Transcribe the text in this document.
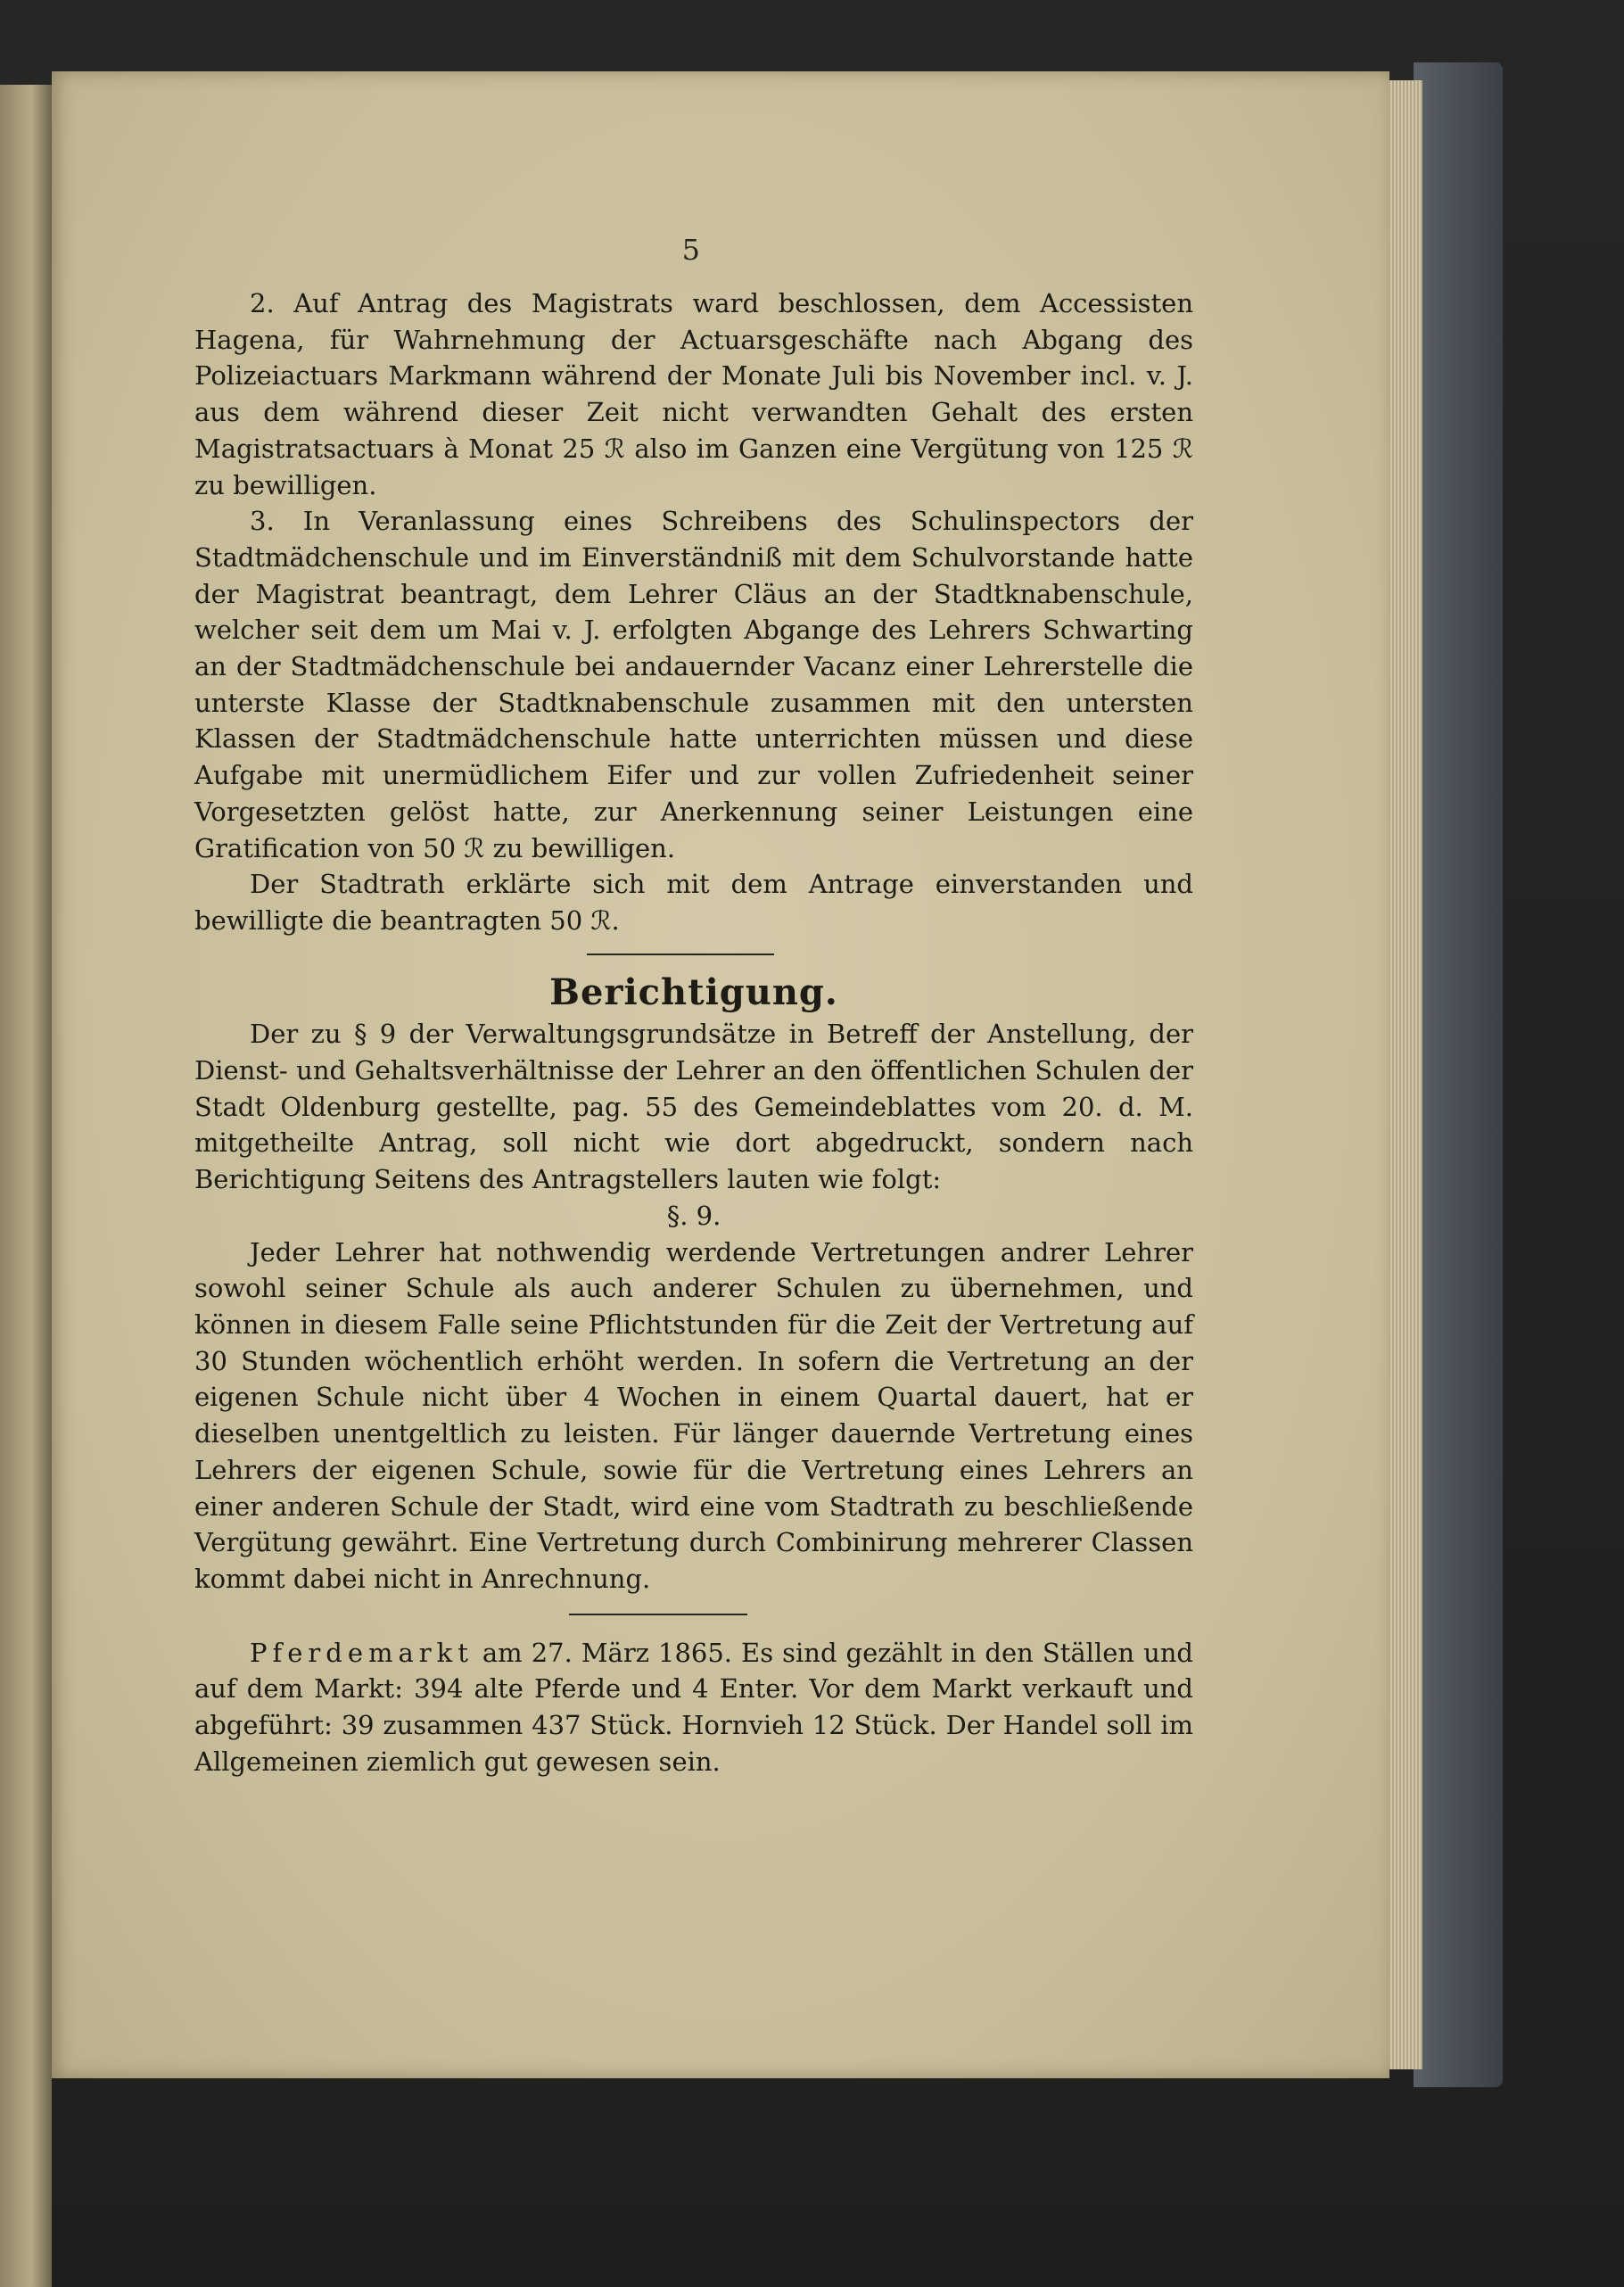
5 

2. Auf Antrag des Magistrats ward beschlossen, dem Accessisten Hagena, für Wahrnehmung der Actuarsgeschäfte nach Abgang des Polizeiactuars Markmann während der Monate Juli bis November incl. v. J. aus dem während dieser Zeit nicht verwandten Gehalt des ersten Magistratsactuars à Monat 25 ℛ also im Ganzen eine Vergütung von 125 ℛ zu bewilligen.

3. In Veranlassung eines Schreibens des Schulinspectors der Stadtmädchenschule und im Einverständniß mit dem Schulvorstande hatte der Magistrat beantragt, dem Lehrer Cläus an der Stadtknabenschule, welcher seit dem um Mai v. J. erfolgten Abgange des Lehrers Schwarting an der Stadtmädchenschule bei andauernder Vacanz einer Lehrerstelle die unterste Klasse der Stadtknabenschule zusammen mit den untersten Klassen der Stadtmädchenschule hatte unterrichten müssen und diese Aufgabe mit unermüdlichem Eifer und zur vollen Zufriedenheit seiner Vorgesetzten gelöst hatte, zur Anerkennung seiner Leistungen eine Gratification von 50 ℛ zu bewilligen.

Der Stadtrath erklärte sich mit dem Antrage einverstanden und bewilligte die beantragten 50 ℛ.

Berichtigung.

Der zu § 9 der Verwaltungsgrundsätze in Betreff der Anstellung, der Dienst- und Gehaltsverhältnisse der Lehrer an den öffentlichen Schulen der Stadt Oldenburg gestellte, pag. 55 des Gemeindeblattes vom 20. d. M. mitgetheilte Antrag, soll nicht wie dort abgedruckt, sondern nach Berichtigung Seitens des Antragstellers lauten wie folgt:

§. 9.

Jeder Lehrer hat nothwendig werdende Vertretungen andrer Lehrer sowohl seiner Schule als auch anderer Schulen zu übernehmen, und können in diesem Falle seine Pflichtstunden für die Zeit der Vertretung auf 30 Stunden wöchentlich erhöht werden. In sofern die Vertretung an der eigenen Schule nicht über 4 Wochen in einem Quartal dauert, hat er dieselben unentgeltlich zu leisten. Für länger dauernde Vertretung eines Lehrers der eigenen Schule, sowie für die Vertretung eines Lehrers an einer anderen Schule der Stadt, wird eine vom Stadtrath zu beschließende Vergütung gewährt. Eine Vertretung durch Combinirung mehrerer Classen kommt dabei nicht in Anrechnung.

Pferdemarkt am 27. März 1865. Es sind gezählt in den Ställen und auf dem Markt: 394 alte Pferde und 4 Enter. Vor dem Markt verkauft und abgeführt: 39 zusammen 437 Stück. Hornvieh 12 Stück. Der Handel soll im Allgemeinen ziemlich gut gewesen sein.
